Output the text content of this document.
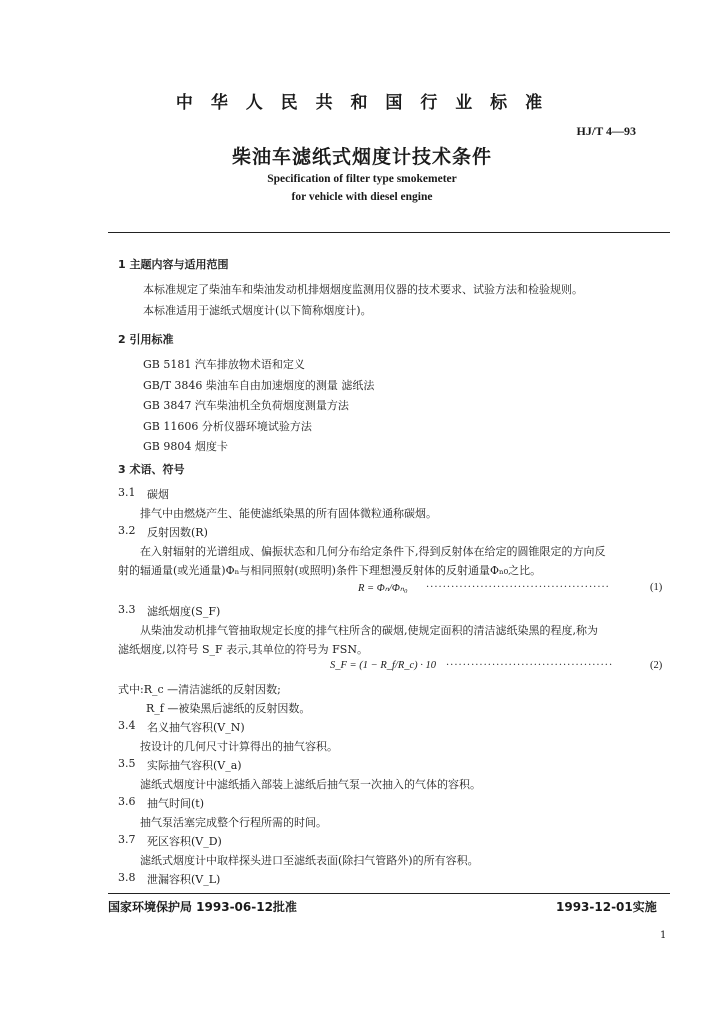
中 华 人 民 共 和 国 行 业 标 准
HJ/T 4—93
柴油车滤纸式烟度计技术条件
Specification of filter type smokemeter
for vehicle with diesel engine
1 主题内容与适用范围
本标准规定了柴油车和柴油发动机排烟烟度监测用仪器的技术要求、试验方法和检验规则。
本标准适用于滤纸式烟度计(以下简称烟度计)。
2 引用标准
GB 5181 汽车排放物术语和定义
GB/T 3846 柴油车自由加速烟度的测量 滤纸法
GB 3847 汽车柴油机全负荷烟度测量方法
GB 11606 分析仪器环境试验方法
GB 9804 烟度卡
3 术语、符号
3.1 碳烟
排气中由燃烧产生、能使滤纸染黑的所有固体微粒通称碳烟。
3.2 反射因数(R)
在入射辐射的光谱组成、偏振状态和几何分布给定条件下,得到反射体在给定的圆锥限定的方向反
射的辐通量(或光通量)Φₙ与相同照射(或照明)条件下理想漫反射体的反射通量Φₙ₀之比。
R = Φₙ/Φₙ₀ ············································	(1)
3.3 滤纸烟度(S_F)
从柴油发动机排气管抽取规定长度的排气柱所含的碳烟,使规定面积的清洁滤纸染黑的程度,称为
滤纸烟度,以符号 S_F 表示,其单位的符号为 FSN。
S_F = (1 − R_f/R_c) · 10 ········································	(2)
式中:R_c —清洁滤纸的反射因数;
R_f —被染黑后滤纸的反射因数。
3.4 名义抽气容积(V_N)
按设计的几何尺寸计算得出的抽气容积。
3.5 实际抽气容积(V_a)
滤纸式烟度计中滤纸插入部装上滤纸后抽气泵一次抽入的气体的容积。
3.6 抽气时间(t)
抽气泵活塞完成整个行程所需的时间。
3.7 死区容积(V_D)
滤纸式烟度计中取样探头进口至滤纸表面(除扫气管路外)的所有容积。
3.8 泄漏容积(V_L)
国家环境保护局 1993-06-12批准	1993-12-01实施
1
